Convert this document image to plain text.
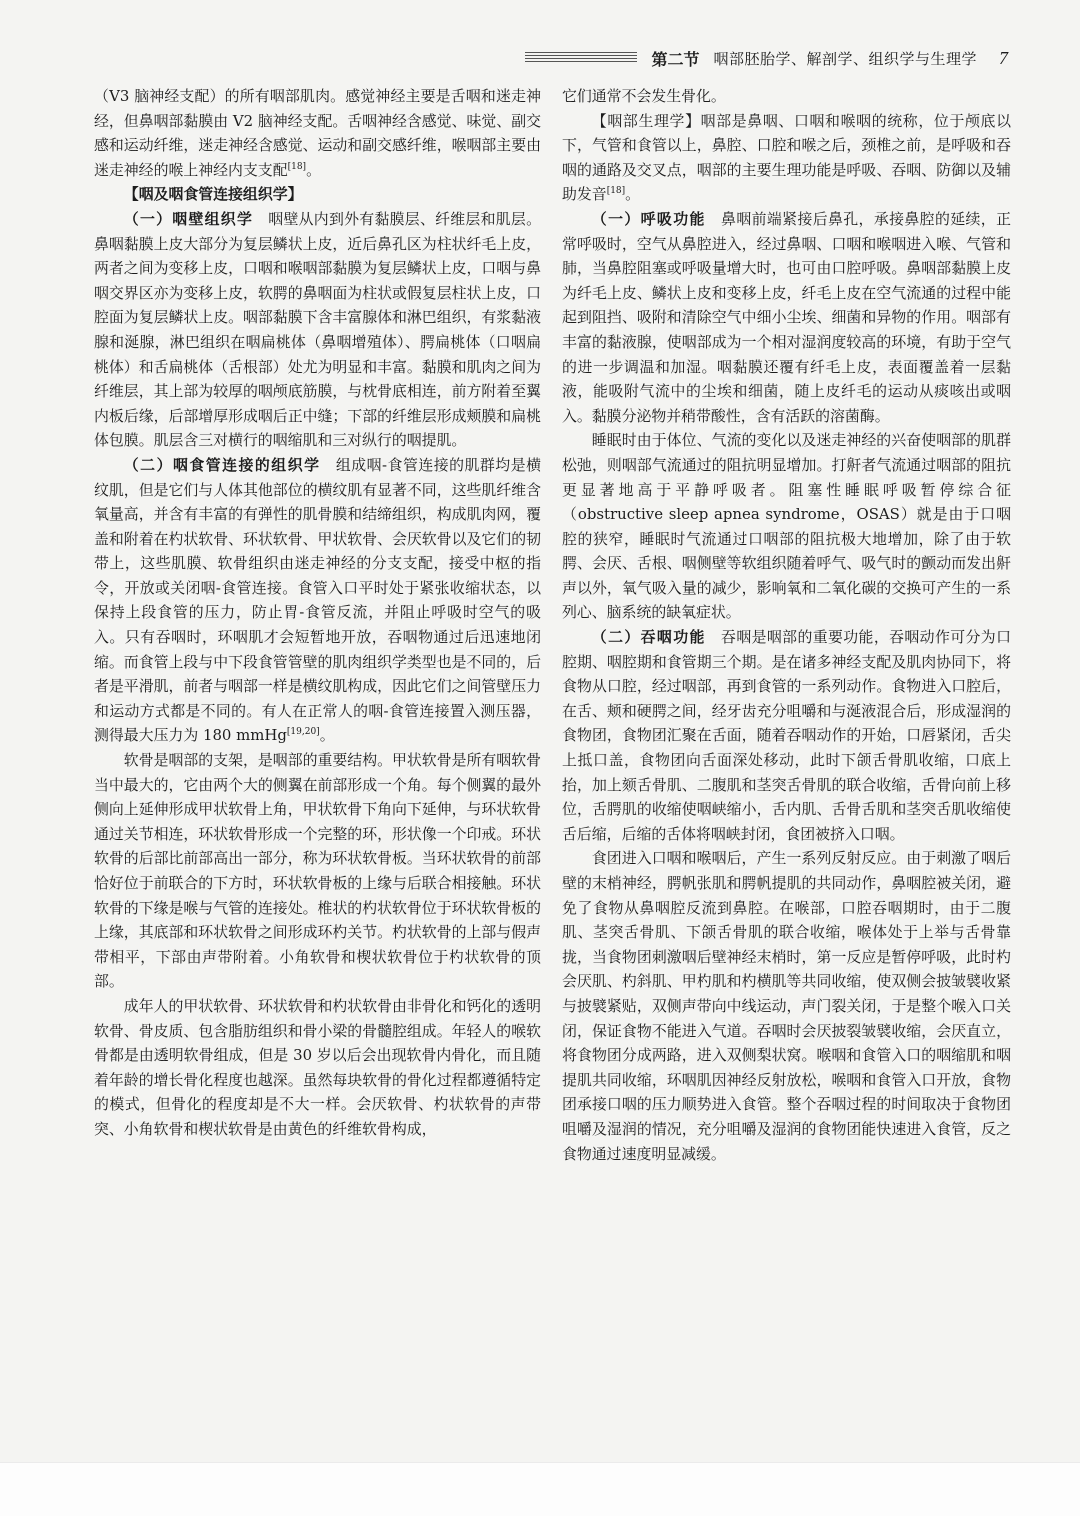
第二节 咽部胚胎学、解剖学、组织学与生理学 7

（V3 脑神经支配）的所有咽部肌肉。感觉神经主要是舌咽和迷走神经，但鼻咽部黏膜由 V2 脑神经支配。舌咽神经含感觉、味觉、副交感和运动纤维，迷走神经含感觉、运动和副交感纤维，喉咽部主要由迷走神经的喉上神经内支支配[18]。

【咽及咽食管连接组织学】

（一）咽壁组织学　 咽壁从内到外有黏膜层、纤维层和肌层。鼻咽黏膜上皮大部分为复层鳞状上皮，近后鼻孔区为柱状纤毛上皮，两者之间为变移上皮，口咽和喉咽部黏膜为复层鳞状上皮，口咽与鼻咽交界区亦为变移上皮，软腭的鼻咽面为柱状或假复层柱状上皮，口腔面为复层鳞状上皮。咽部黏膜下含丰富腺体和淋巴组织，有浆黏液腺和涎腺，淋巴组织在咽扁桃体（鼻咽增殖体）、腭扁桃体（口咽扁桃体）和舌扁桃体（舌根部）处尤为明显和丰富。黏膜和肌肉之间为纤维层，其上部为较厚的咽颅底筋膜，与枕骨底相连，前方附着至翼内板后缘，后部增厚形成咽后正中缝；下部的纤维层形成颊膜和扁桃体包膜。肌层含三对横行的咽缩肌和三对纵行的咽提肌。

（二）咽食管连接的组织学　 组成咽-食管连接的肌群均是横纹肌，但是它们与人体其他部位的横纹肌有显著不同，这些肌纤维含氧量高，并含有丰富的有弹性的肌骨膜和结缔组织，构成肌肉网，覆盖和附着在杓状软骨、环状软骨、甲状软骨、会厌软骨以及它们的韧带上，这些肌膜、软骨组织由迷走神经的分支支配，接受中枢的指令，开放或关闭咽-食管连接。食管入口平时处于紧张收缩状态，以保持上段食管的压力，防止胃-食管反流，并阻止呼吸时空气的吸入。只有吞咽时，环咽肌才会短暂地开放，吞咽物通过后迅速地闭缩。而食管上段与中下段食管管壁的肌肉组织学类型也是不同的，后者是平滑肌，前者与咽部一样是横纹肌构成，因此它们之间管壁压力和运动方式都是不同的。有人在正常人的咽-食管连接置入测压器，测得最大压力为 180 mmHg[19,20]。

软骨是咽部的支架，是咽部的重要结构。甲状软骨是所有咽软骨当中最大的，它由两个大的侧翼在前部形成一个角。每个侧翼的最外侧向上延伸形成甲状软骨上角，甲状软骨下角向下延伸，与环状软骨通过关节相连，环状软骨形成一个完整的环，形状像一个印戒。环状软骨的后部比前部高出一部分，称为环状软骨板。当环状软骨的前部恰好位于前联合的下方时，环状软骨板的上缘与后联合相接触。环状软骨的下缘是喉与气管的连接处。椎状的杓状软骨位于环状软骨板的上缘，其底部和环状软骨之间形成环杓关节。杓状软骨的上部与假声带相平，下部由声带附着。小角软骨和楔状软骨位于杓状软骨的顶部。

成年人的甲状软骨、环状软骨和杓状软骨由非骨化和钙化的透明软骨、骨皮质、包含脂肪组织和骨小梁的骨髓腔组成。年轻人的喉软骨都是由透明软骨组成，但是 30 岁以后会出现软骨内骨化，而且随着年龄的增长骨化程度也越深。虽然每块软骨的骨化过程都遵循特定的模式，但骨化的程度却是不大一样。会厌软骨、杓状软骨的声带突、小角软骨和楔状软骨是由黄色的纤维软骨构成，

它们通常不会发生骨化。

【咽部生理学】咽部是鼻咽、口咽和喉咽的统称，位于颅底以下，气管和食管以上，鼻腔、口腔和喉之后，颈椎之前，是呼吸和吞咽的通路及交叉点，咽部的主要生理功能是呼吸、吞咽、防御以及辅助发音[18]。

（一）呼吸功能　 鼻咽前端紧接后鼻孔，承接鼻腔的延续，正常呼吸时，空气从鼻腔进入，经过鼻咽、口咽和喉咽进入喉、气管和肺，当鼻腔阻塞或呼吸量增大时，也可由口腔呼吸。鼻咽部黏膜上皮为纤毛上皮、鳞状上皮和变移上皮，纤毛上皮在空气流通的过程中能起到阻挡、吸附和清除空气中细小尘埃、细菌和异物的作用。咽部有丰富的黏液腺，使咽部成为一个相对湿润度较高的环境，有助于空气的进一步调温和加湿。咽黏膜还覆有纤毛上皮，表面覆盖着一层黏液，能吸附气流中的尘埃和细菌，随上皮纤毛的运动从痰咳出或咽入。黏膜分泌物并稍带酸性，含有活跃的溶菌酶。

睡眠时由于体位、气流的变化以及迷走神经的兴奋使咽部的肌群松弛，则咽部气流通过的阻抗明显增加。打鼾者气流通过咽部的阻抗更显著地高于平静呼吸者。阻塞性睡眠呼吸暂停综合征（obstructive sleep apnea syndrome，OSAS）就是由于口咽腔的狭窄，睡眠时气流通过口咽部的阻抗极大地增加，除了由于软腭、会厌、舌根、咽侧壁等软组织随着呼气、吸气时的颤动而发出鼾声以外，氧气吸入量的减少，影响氧和二氧化碳的交换可产生的一系列心、脑系统的缺氧症状。

（二）吞咽功能　 吞咽是咽部的重要功能，吞咽动作可分为口腔期、咽腔期和食管期三个期。是在诸多神经支配及肌肉协同下，将食物从口腔，经过咽部，再到食管的一系列动作。食物进入口腔后，在舌、颊和硬腭之间，经牙齿充分咀嚼和与涎液混合后，形成湿润的食物团，食物团汇聚在舌面，随着吞咽动作的开始，口唇紧闭，舌尖上抵口盖，食物团向舌面深处移动，此时下颌舌骨肌收缩，口底上抬，加上颏舌骨肌、二腹肌和茎突舌骨肌的联合收缩，舌骨向前上移位，舌腭肌的收缩使咽峡缩小，舌内肌、舌骨舌肌和茎突舌肌收缩使舌后缩，后缩的舌体将咽峡封闭，食团被挤入口咽。

食团进入口咽和喉咽后，产生一系列反射反应。由于刺激了咽后壁的末梢神经，腭帆张肌和腭帆提肌的共同动作，鼻咽腔被关闭，避免了食物从鼻咽腔反流到鼻腔。在喉部，口腔吞咽期时，由于二腹肌、茎突舌骨肌、下颌舌骨肌的联合收缩，喉体处于上举与舌骨靠拢，当食物团刺激咽后壁神经末梢时，第一反应是暂停呼吸，此时杓会厌肌、杓斜肌、甲杓肌和杓横肌等共同收缩，使双侧会披皱襞收紧与披襞紧贴，双侧声带向中线运动，声门裂关闭，于是整个喉入口关闭，保证食物不能进入气道。吞咽时会厌披裂皱襞收缩，会厌直立，将食物团分成两路，进入双侧梨状窝。喉咽和食管入口的咽缩肌和咽提肌共同收缩，环咽肌因神经反射放松，喉咽和食管入口开放，食物团承接口咽的压力顺势进入食管。整个吞咽过程的时间取决于食物团咀嚼及湿润的情况，充分咀嚼及湿润的食物团能快速进入食管，反之食物通过速度明显减缓。
